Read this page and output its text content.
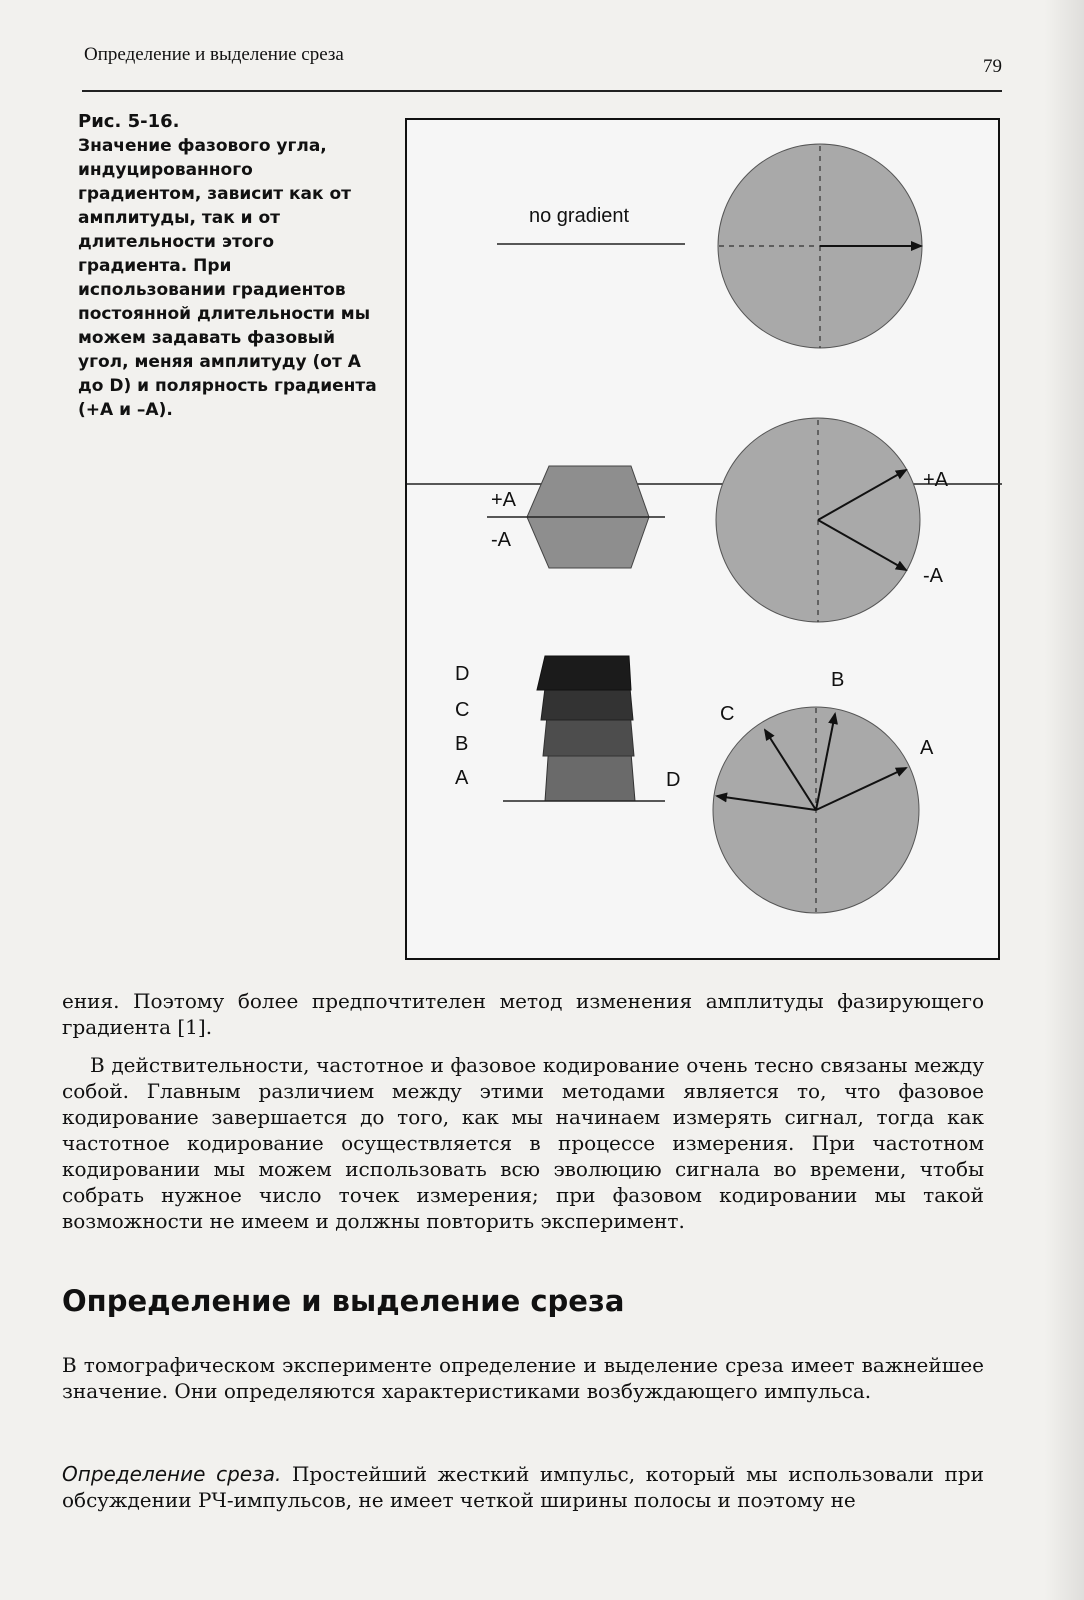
Определение и выделение среза
79
Рис. 5-16.
Значение фазового угла, индуцированного градиентом, зависит как от амплитуды, так и от длительности этого градиента. При использовании градиентов постоянной длительности мы можем задавать фазовый угол, меняя амплитуду (от А до D) и полярность градиента (+А и –А).
no gradient
+A
-A
+A
-A
D
C
B
A
B
C
A
D
ения. Поэтому более предпочтителен метод изменения амплитуды фазирующего градиента [1].
В действительности, частотное и фазовое кодирование очень тесно связаны между собой. Главным различием между этими методами является то, что фазовое кодирование завершается до того, как мы начинаем измерять сигнал, тогда как частотное кодирование осуществляется в процессе измерения. При частотном кодировании мы можем использовать всю эволюцию сигнала во времени, чтобы собрать нужное число точек измерения; при фазовом кодировании мы такой возможности не имеем и должны повторить эксперимент.
Определение и выделение среза
В томографическом эксперименте определение и выделение среза имеет важнейшее значение. Они определяются характеристиками возбуждающего импульса.
Определение среза. Простейший жесткий импульс, который мы использовали при обсуждении РЧ-импульсов, не имеет четкой ширины полосы и поэтому не
